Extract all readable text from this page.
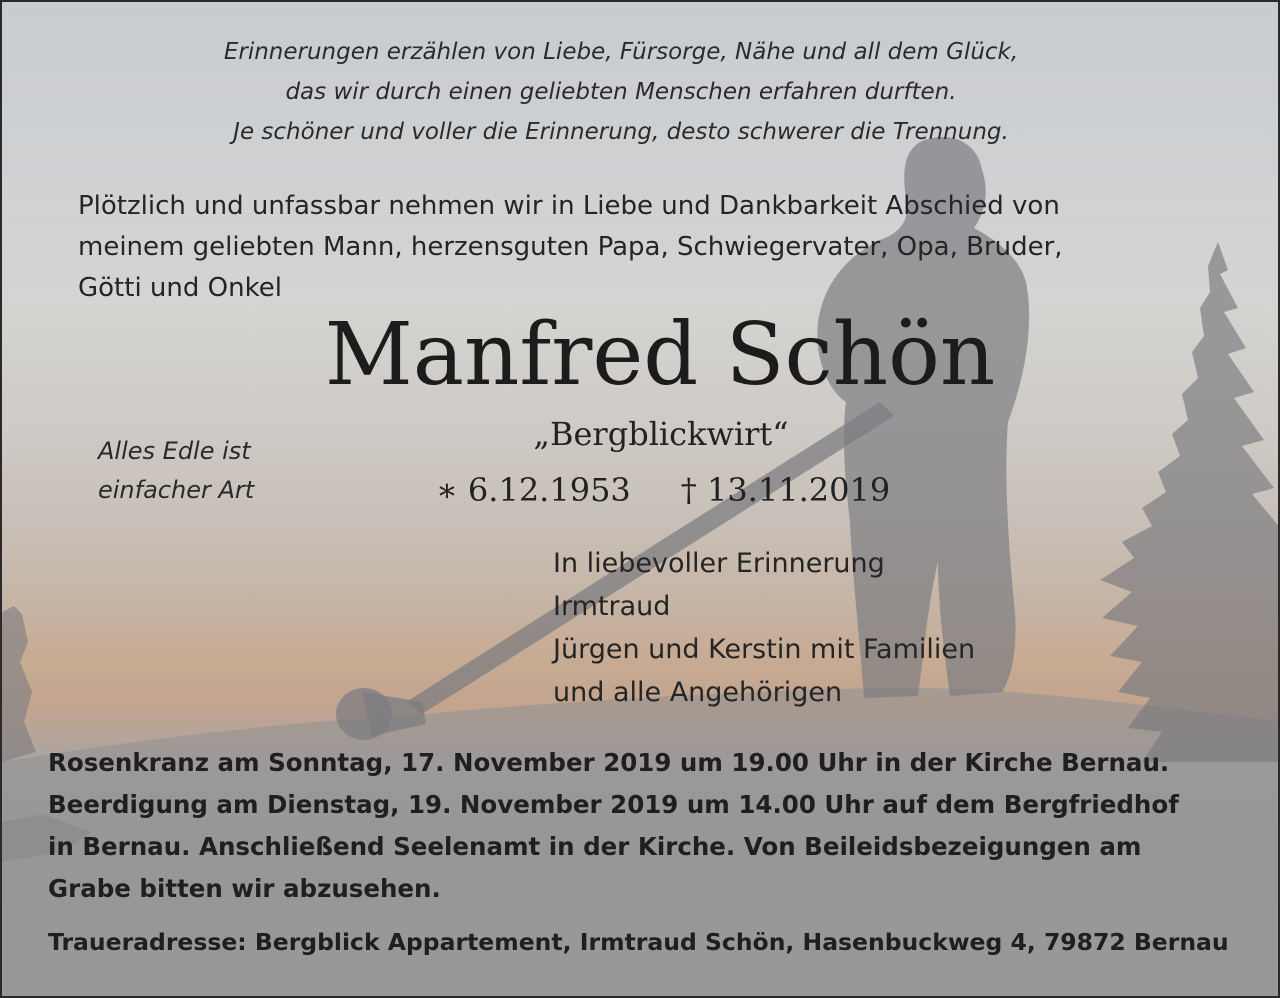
Erinnerungen erzählen von Liebe, Fürsorge, Nähe und all dem Glück,
das wir durch einen geliebten Menschen erfahren durften.
Je schöner und voller die Erinnerung, desto schwerer die Trennung.
Plötzlich und unfassbar nehmen wir in Liebe und Dankbarkeit Abschied von
meinem geliebten Mann, herzensguten Papa, Schwiegervater, Opa, Bruder,
Götti und Onkel
Manfred Schön
„Bergblickwirt“
∗ 6.12.1953 † 13.11.2019
Alles Edle ist
einfacher Art
In liebevoller Erinnerung
Irmtraud
Jürgen und Kerstin mit Familien
und alle Angehörigen
Rosenkranz am Sonntag, 17. November 2019 um 19.00 Uhr in der Kirche Bernau.
Beerdigung am Dienstag, 19. November 2019 um 14.00 Uhr auf dem Bergfriedhof
in Bernau. Anschließend Seelenamt in der Kirche. Von Beileidsbezeigungen am
Grabe bitten wir abzusehen.
Traueradresse: Bergblick Appartement, Irmtraud Schön, Hasenbuckweg 4, 79872 Bernau
